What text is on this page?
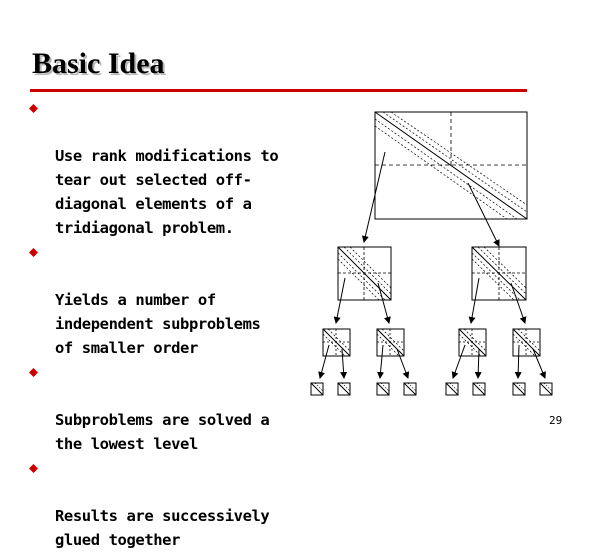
Basic Idea

Use rank modifications to
tear out selected off-
diagonal elements of a
tridiagonal problem.

Yields a number of
independent subproblems
of smaller order

Subproblems are solved a
the lowest level

Results are successively
glued together

29
